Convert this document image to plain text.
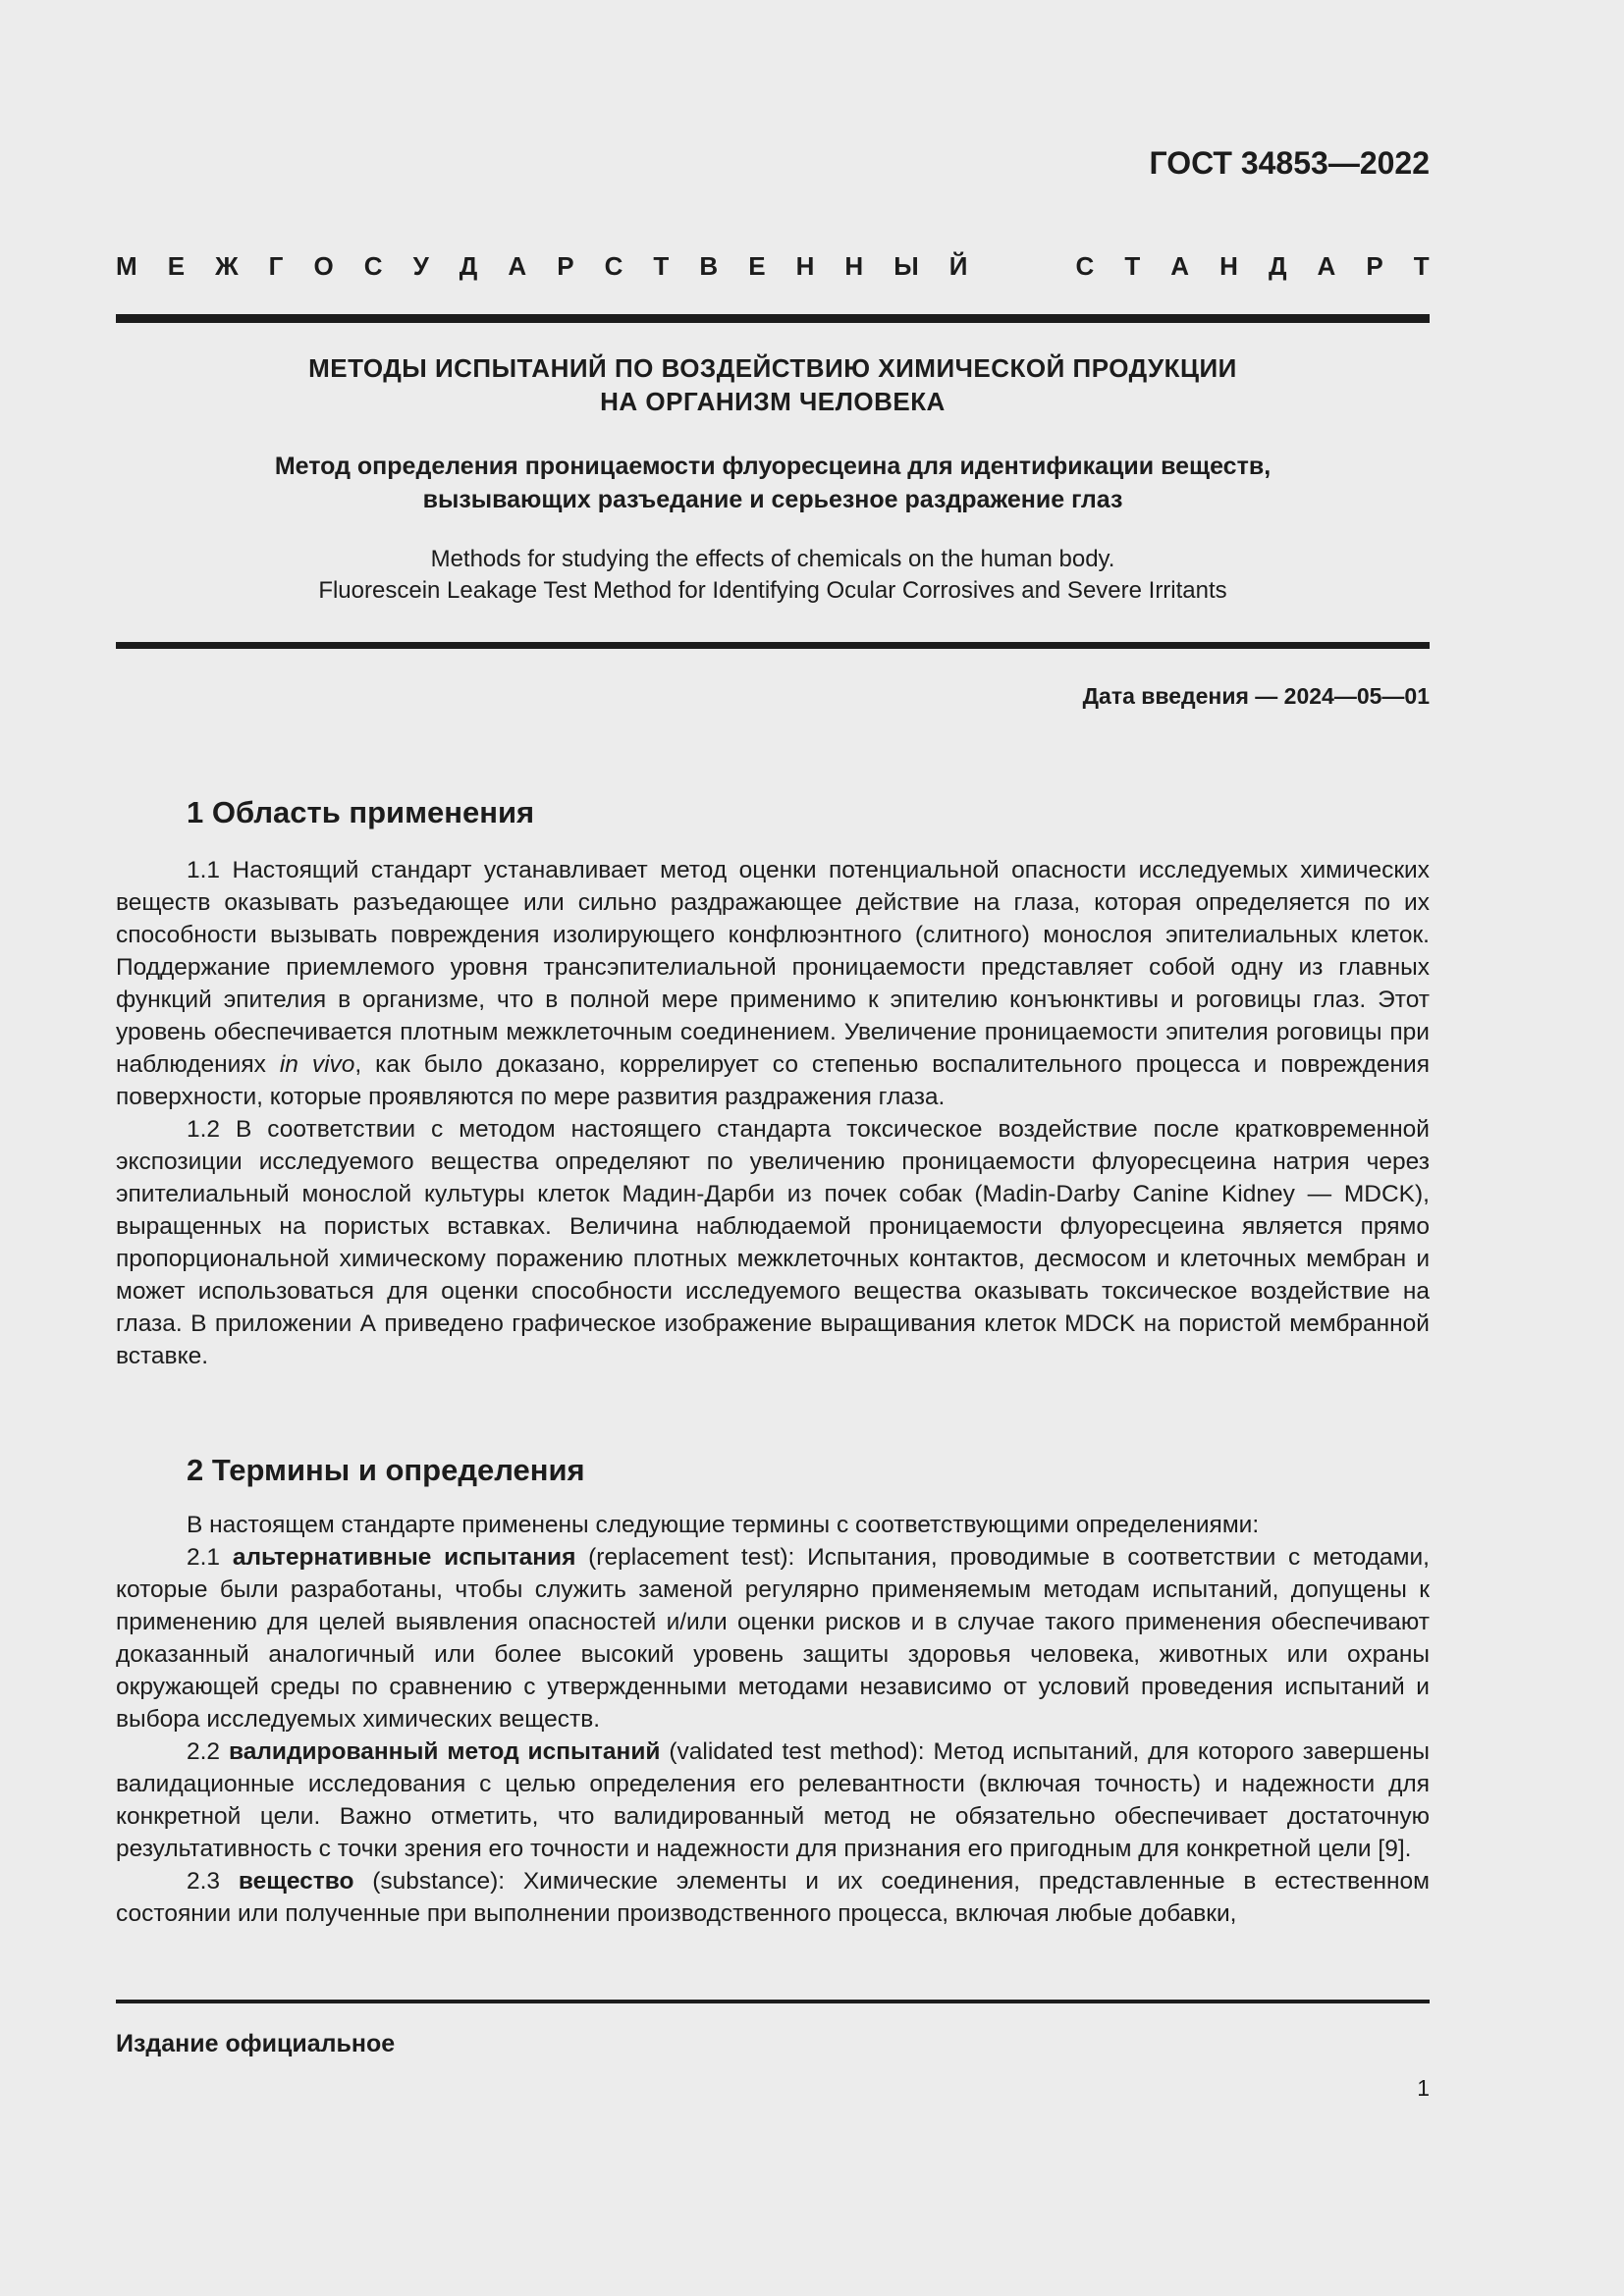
ГОСТ 34853—2022
М Е Ж Г О С У Д А Р С Т В Е Н Н Ы Й	С Т А Н Д А Р Т
МЕТОДЫ ИСПЫТАНИЙ ПО ВОЗДЕЙСТВИЮ ХИМИЧЕСКОЙ ПРОДУКЦИИ
НА ОРГАНИЗМ ЧЕЛОВЕКА
Метод определения проницаемости флуоресцеина для идентификации веществ,
вызывающих разъедание и серьезное раздражение глаз
Methods for studying the effects of chemicals on the human body.
Fluorescein Leakage Test Method for Identifying Ocular Corrosives and Severe Irritants
Дата введения — 2024—05—01
1 Область применения

1.1 Настоящий стандарт устанавливает метод оценки потенциальной опасности исследуемых химических веществ оказывать разъедающее или сильно раздражающее действие на глаза, которая определяется по их способности вызывать повреждения изолирующего конфлюэнтного (слитного) монослоя эпителиальных клеток. Поддержание приемлемого уровня трансэпителиальной проницаемости представляет собой одну из главных функций эпителия в организме, что в полной мере применимо к эпителию конъюнктивы и роговицы глаз. Этот уровень обеспечивается плотным межклеточным соединением. Увеличение проницаемости эпителия роговицы при наблюдениях in vivo, как было доказано, коррелирует со степенью воспалительного процесса и повреждения поверхности, которые проявляются по мере развития раздражения глаза.

1.2 В соответствии с методом настоящего стандарта токсическое воздействие после кратковременной экспозиции исследуемого вещества определяют по увеличению проницаемости флуоресцеина натрия через эпителиальный монослой культуры клеток Мадин-Дарби из почек собак (Madin-Darby Canine Kidney — MDCK), выращенных на пористых вставках. Величина наблюдаемой проницаемости флуоресцеина является прямо пропорциональной химическому поражению плотных межклеточных контактов, десмосом и клеточных мембран и может использоваться для оценки способности исследуемого вещества оказывать токсическое воздействие на глаза. В приложении А приведено графическое изображение выращивания клеток MDCK на пористой мембранной вставке.

2 Термины и определения

В настоящем стандарте применены следующие термины с соответствующими определениями:

2.1 альтернативные испытания (replacement test): Испытания, проводимые в соответствии с методами, которые были разработаны, чтобы служить заменой регулярно применяемым методам испытаний, допущены к применению для целей выявления опасностей и/или оценки рисков и в случае такого применения обеспечивают доказанный аналогичный или более высокий уровень защиты здоровья человека, животных или охраны окружающей среды по сравнению с утвержденными методами независимо от условий проведения испытаний и выбора исследуемых химических веществ.

2.2 валидированный метод испытаний (validated test method): Метод испытаний, для которого завершены валидационные исследования с целью определения его релевантности (включая точность) и надежности для конкретной цели. Важно отметить, что валидированный метод не обязательно обеспечивает достаточную результативность с точки зрения его точности и надежности для признания его пригодным для конкретной цели [9].

2.3 вещество (substance): Химические элементы и их соединения, представленные в естественном состоянии или полученные при выполнении производственного процесса, включая любые добавки,

Издание официальное
1
